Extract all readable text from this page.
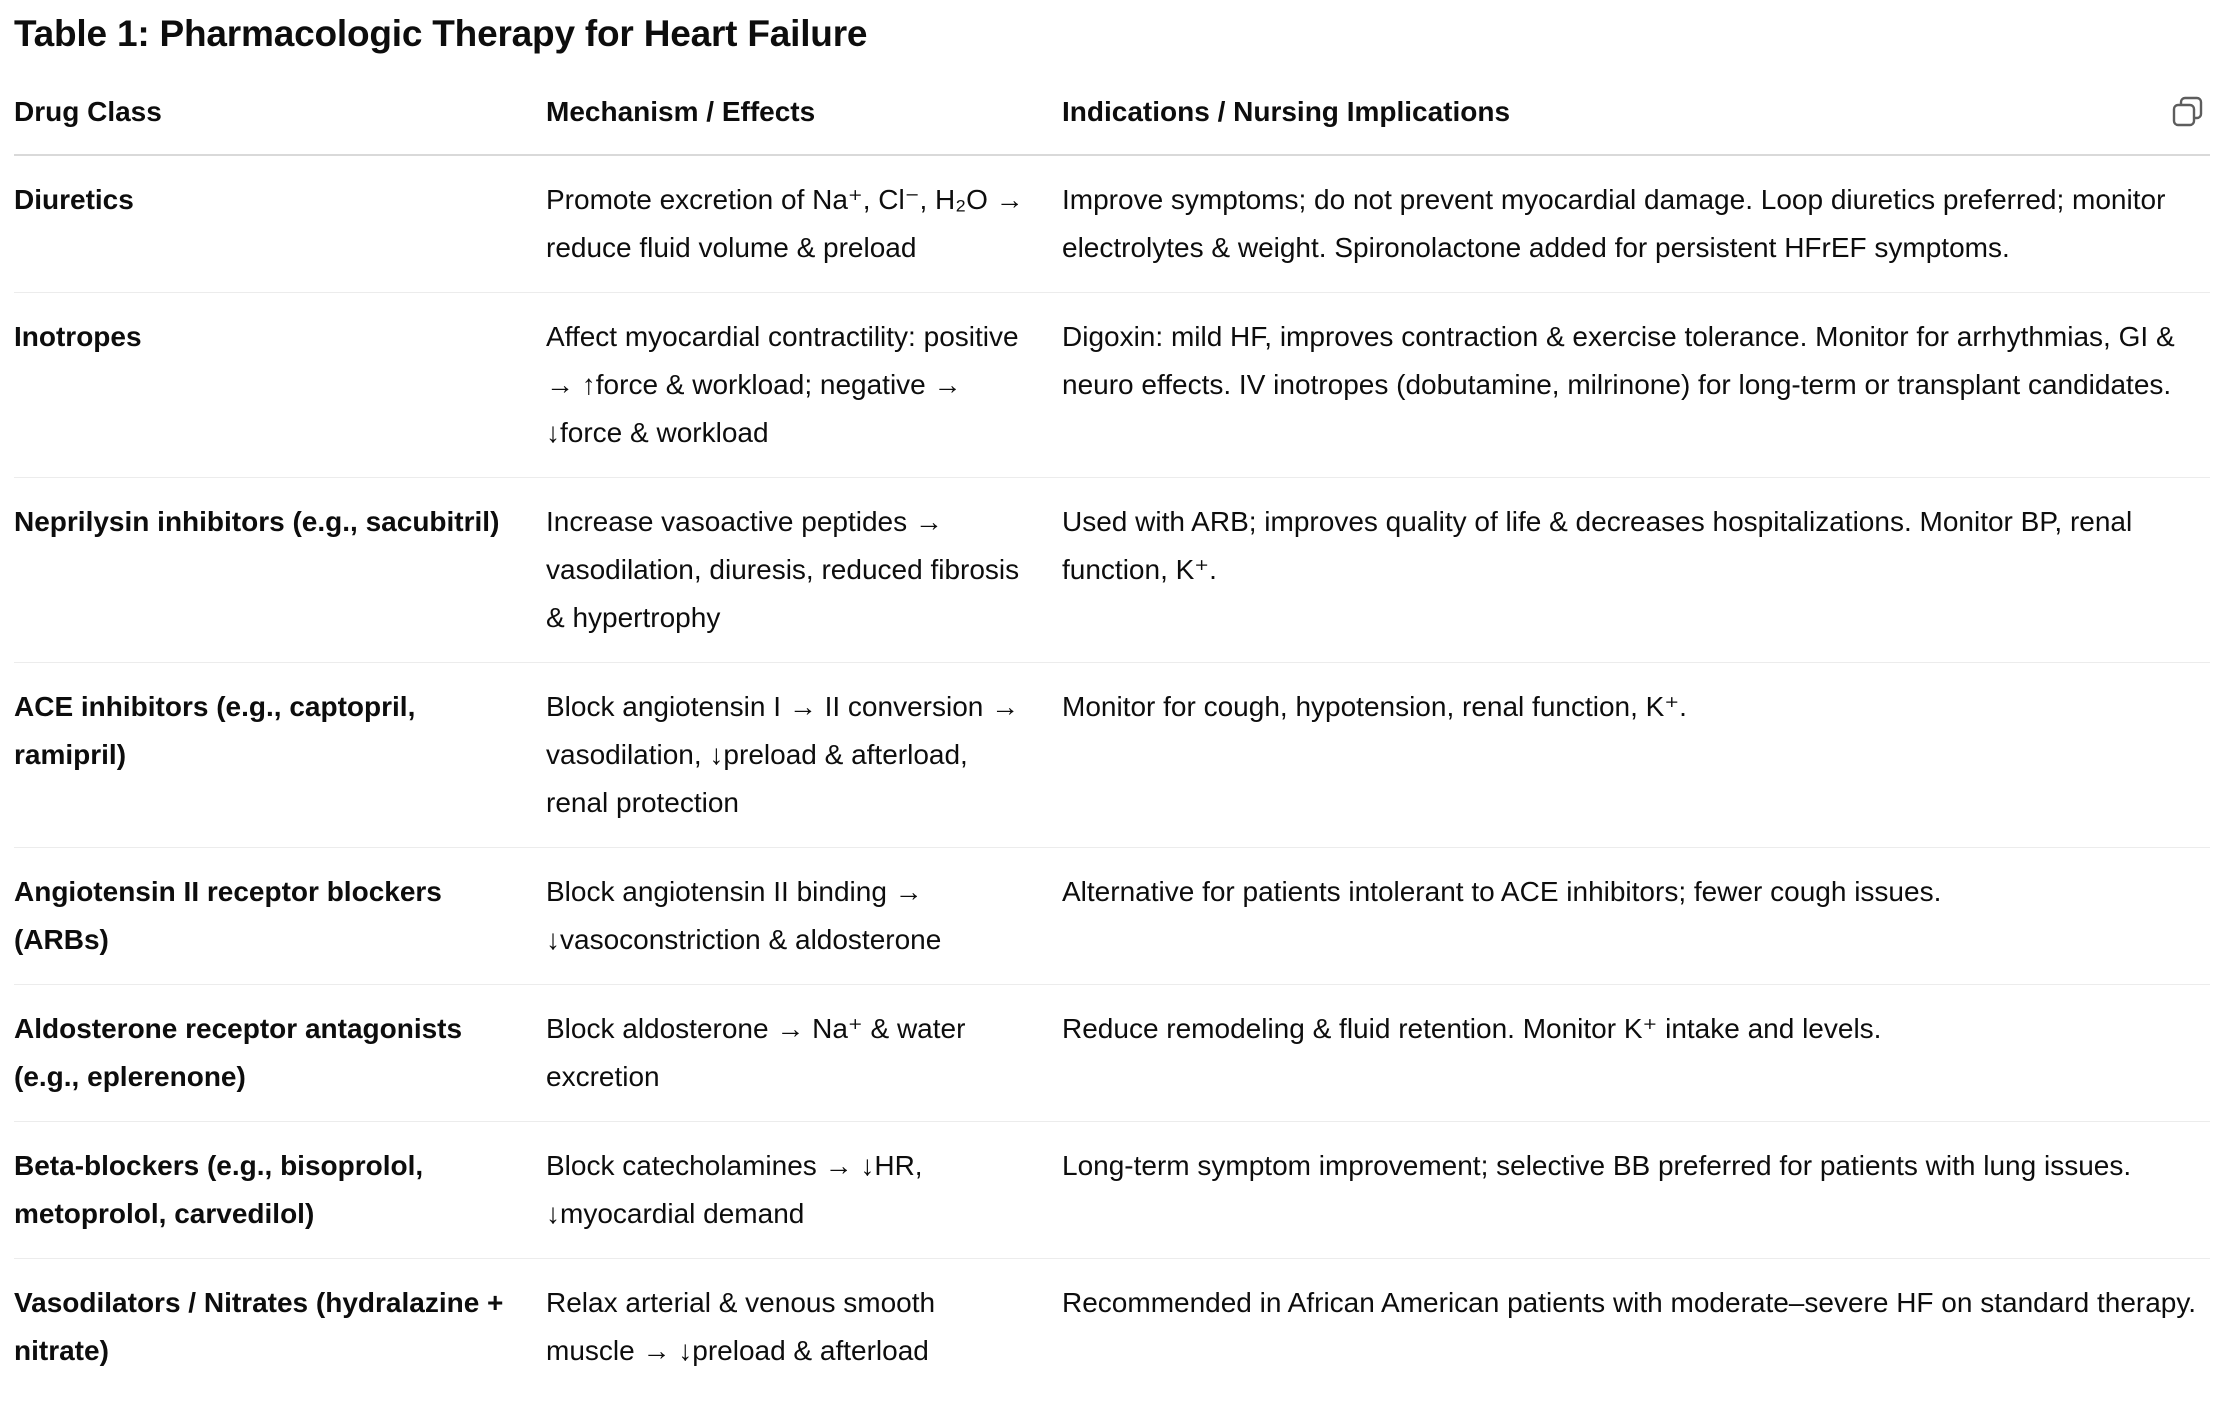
Table 1: Pharmacologic Therapy for Heart Failure
Drug Class	Mechanism / Effects	Indications / Nursing Implications
Diuretics	Promote excretion of Na⁺, Cl⁻, H₂O → reduce fluid volume & preload	Improve symptoms; do not prevent myocardial damage. Loop diuretics preferred; monitor electrolytes & weight. Spironolactone added for persistent HFrEF symptoms.
Inotropes	Affect myocardial contractility: positive → ↑force & workload; negative → ↓force & workload	Digoxin: mild HF, improves contraction & exercise tolerance. Monitor for arrhythmias, GI & neuro effects. IV inotropes (dobutamine, milrinone) for long-term or transplant candidates.
Neprilysin inhibitors (e.g., sacubitril)	Increase vasoactive peptides → vasodilation, diuresis, reduced fibrosis & hypertrophy	Used with ARB; improves quality of life & decreases hospitalizations. Monitor BP, renal function, K⁺.
ACE inhibitors (e.g., captopril, ramipril)	Block angiotensin I → II conversion → vasodilation, ↓preload & afterload, renal protection	Monitor for cough, hypotension, renal function, K⁺.
Angiotensin II receptor blockers (ARBs)	Block angiotensin II binding → ↓vasoconstriction & aldosterone	Alternative for patients intolerant to ACE inhibitors; fewer cough issues.
Aldosterone receptor antagonists (e.g., eplerenone)	Block aldosterone → Na⁺ & water excretion	Reduce remodeling & fluid retention. Monitor K⁺ intake and levels.
Beta-blockers (e.g., bisoprolol, metoprolol, carvedilol)	Block catecholamines → ↓HR, ↓myocardial demand	Long-term symptom improvement; selective BB preferred for patients with lung issues.
Vasodilators / Nitrates (hydralazine + nitrate)	Relax arterial & venous smooth muscle → ↓preload & afterload	Recommended in African American patients with moderate–severe HF on standard therapy.
